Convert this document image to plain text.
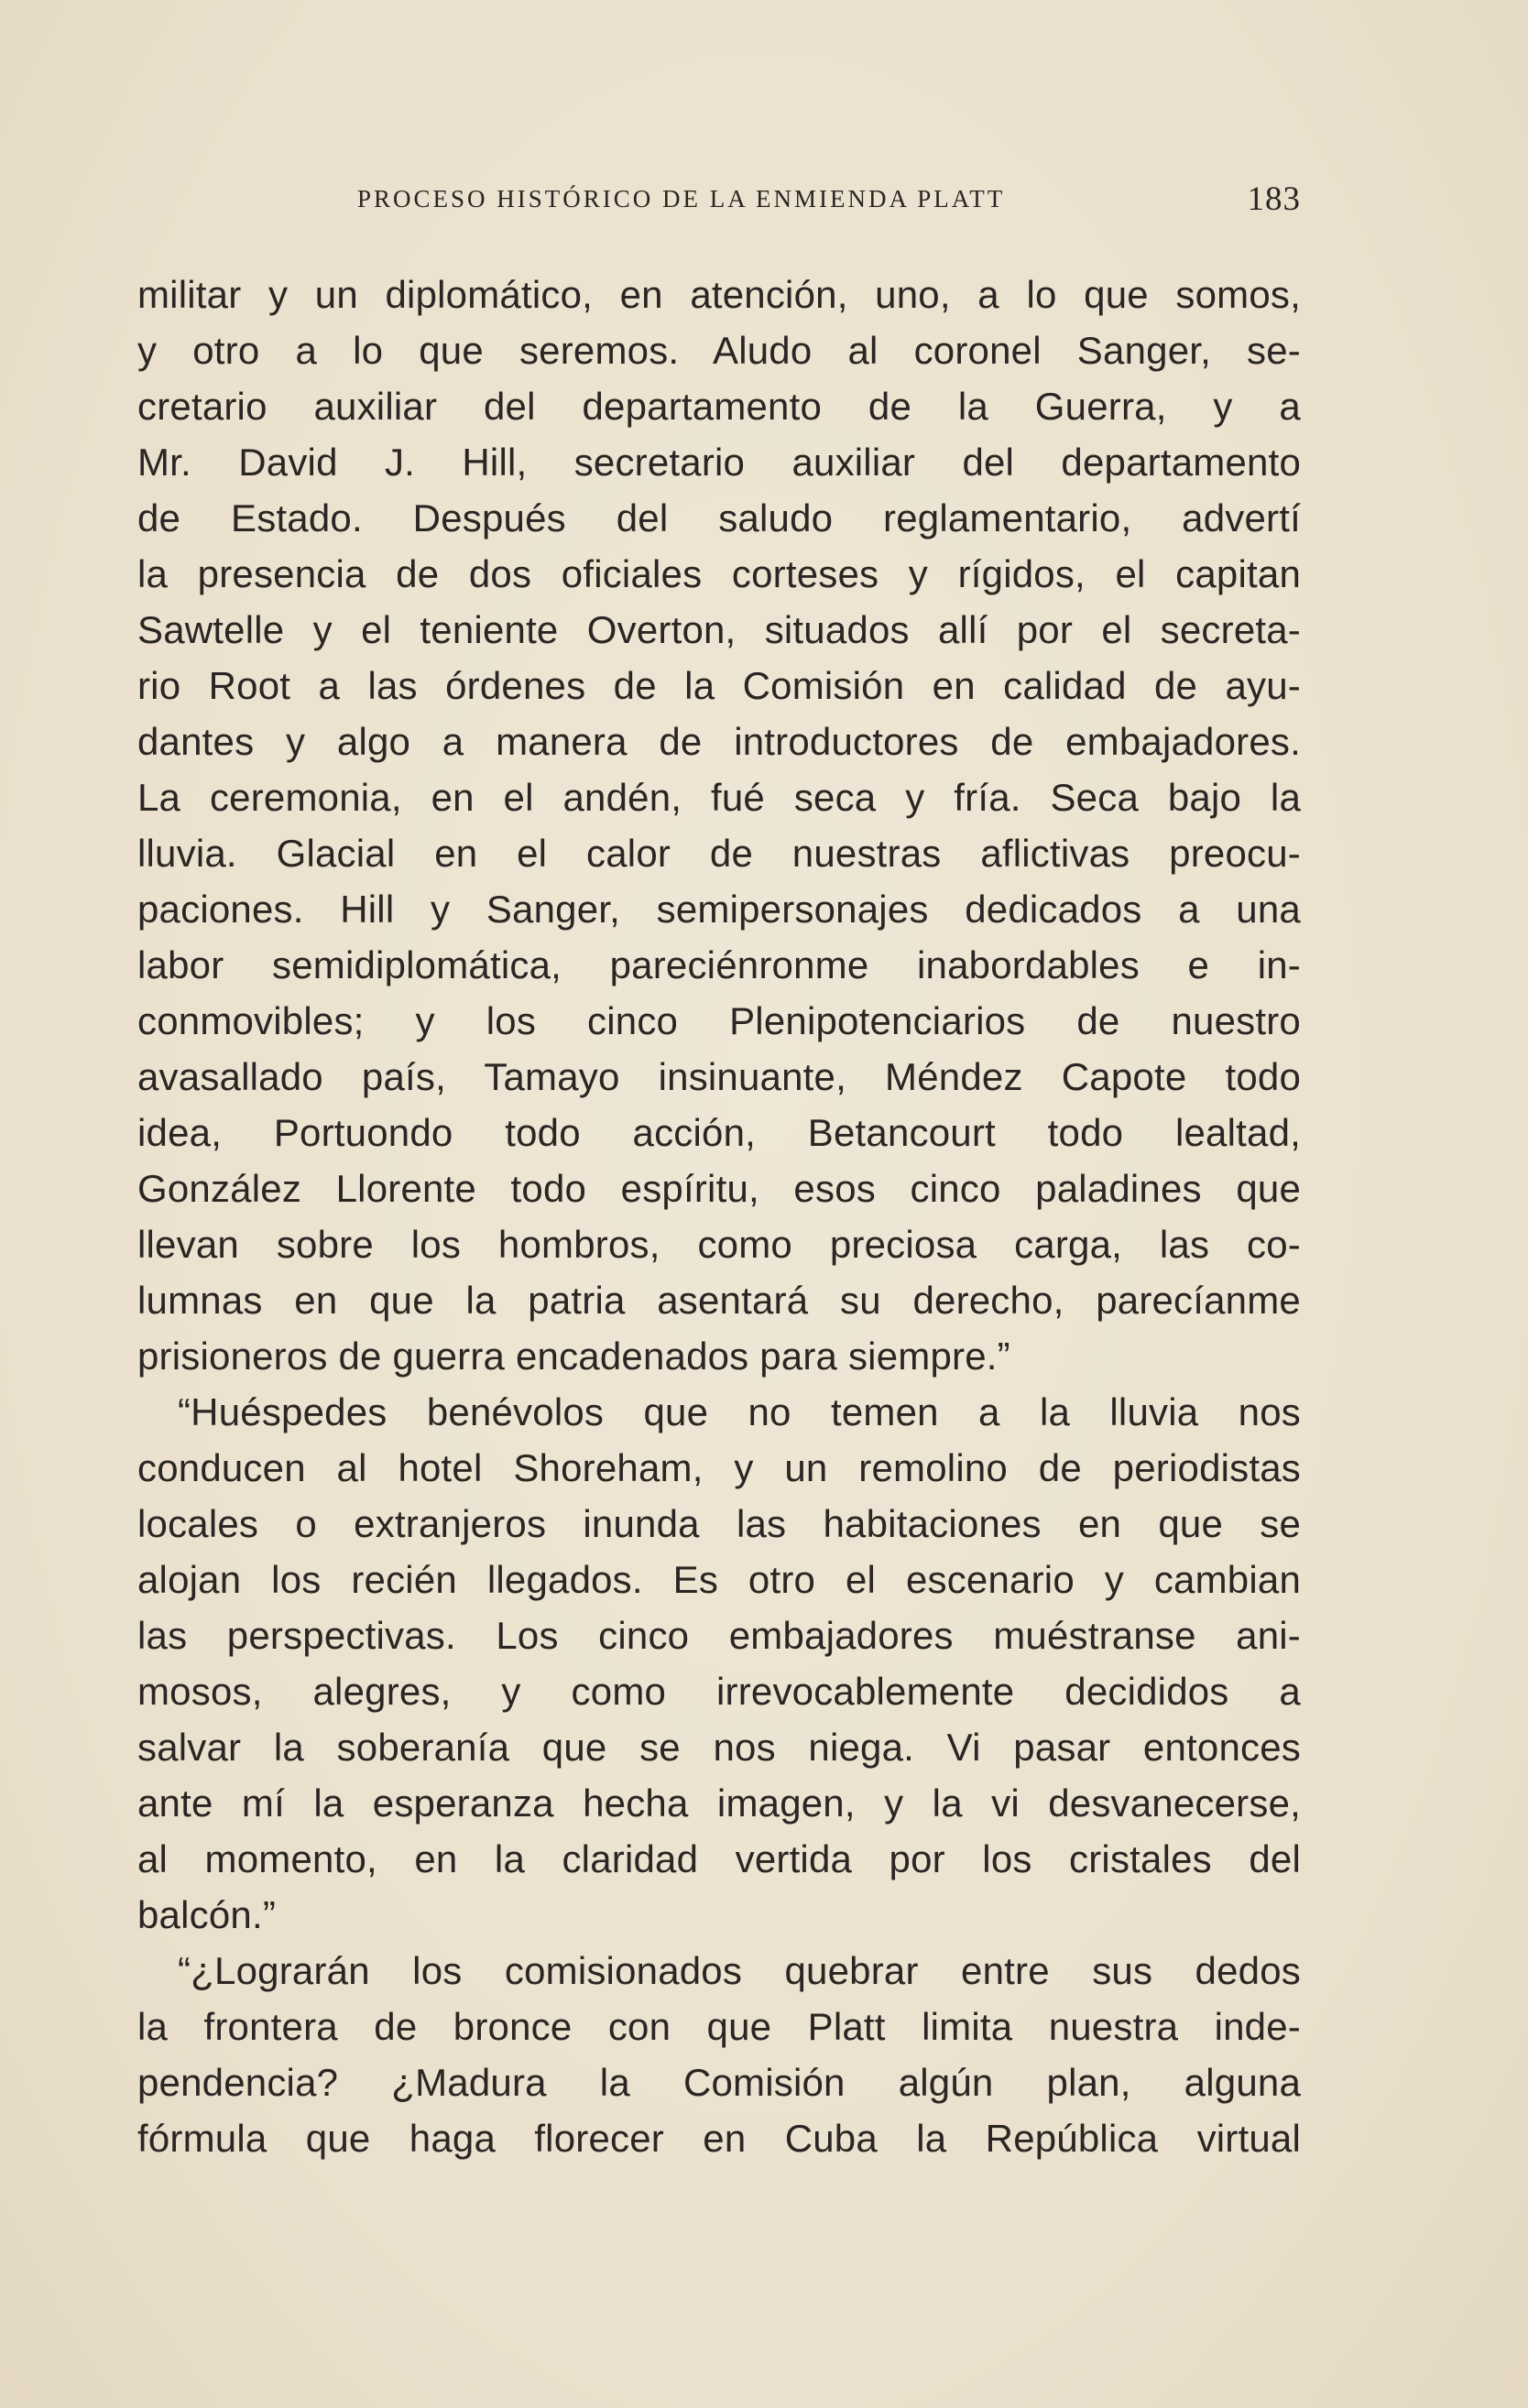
PROCESO HISTÓRICO DE LA ENMIENDA PLATT	183
militar y un diplomático, en atención, uno, a lo que somos,
y otro a lo que seremos. Aludo al coronel Sanger, se-
cretario auxiliar del departamento de la Guerra, y a
Mr. David J. Hill, secretario auxiliar del departamento
de Estado. Después del saludo reglamentario, advertí
la presencia de dos oficiales corteses y rígidos, el capitan
Sawtelle y el teniente Overton, situados allí por el secreta-
rio Root a las órdenes de la Comisión en calidad de ayu-
dantes y algo a manera de introductores de embajadores.
La ceremonia, en el andén, fué seca y fría. Seca bajo la
lluvia. Glacial en el calor de nuestras aflictivas preocu-
paciones. Hill y Sanger, semipersonajes dedicados a una
labor semidiplomática, pareciénronme inabordables e in-
conmovibles; y los cinco Plenipotenciarios de nuestro
avasallado país, Tamayo insinuante, Méndez Capote todo
idea, Portuondo todo acción, Betancourt todo lealtad,
González Llorente todo espíritu, esos cinco paladines que
llevan sobre los hombros, como preciosa carga, las co-
lumnas en que la patria asentará su derecho, parecíanme
prisioneros de guerra encadenados para siempre.”
“Huéspedes benévolos que no temen a la lluvia nos
conducen al hotel Shoreham, y un remolino de periodistas
locales o extranjeros inunda las habitaciones en que se
alojan los recién llegados. Es otro el escenario y cambian
las perspectivas. Los cinco embajadores muéstranse ani-
mosos, alegres, y como irrevocablemente decididos a
salvar la soberanía que se nos niega. Vi pasar entonces
ante mí la esperanza hecha imagen, y la vi desvanecerse,
al momento, en la claridad vertida por los cristales del
balcón.”
“¿Lograrán los comisionados quebrar entre sus dedos
la frontera de bronce con que Platt limita nuestra inde-
pendencia? ¿Madura la Comisión algún plan, alguna
fórmula que haga florecer en Cuba la República virtual
